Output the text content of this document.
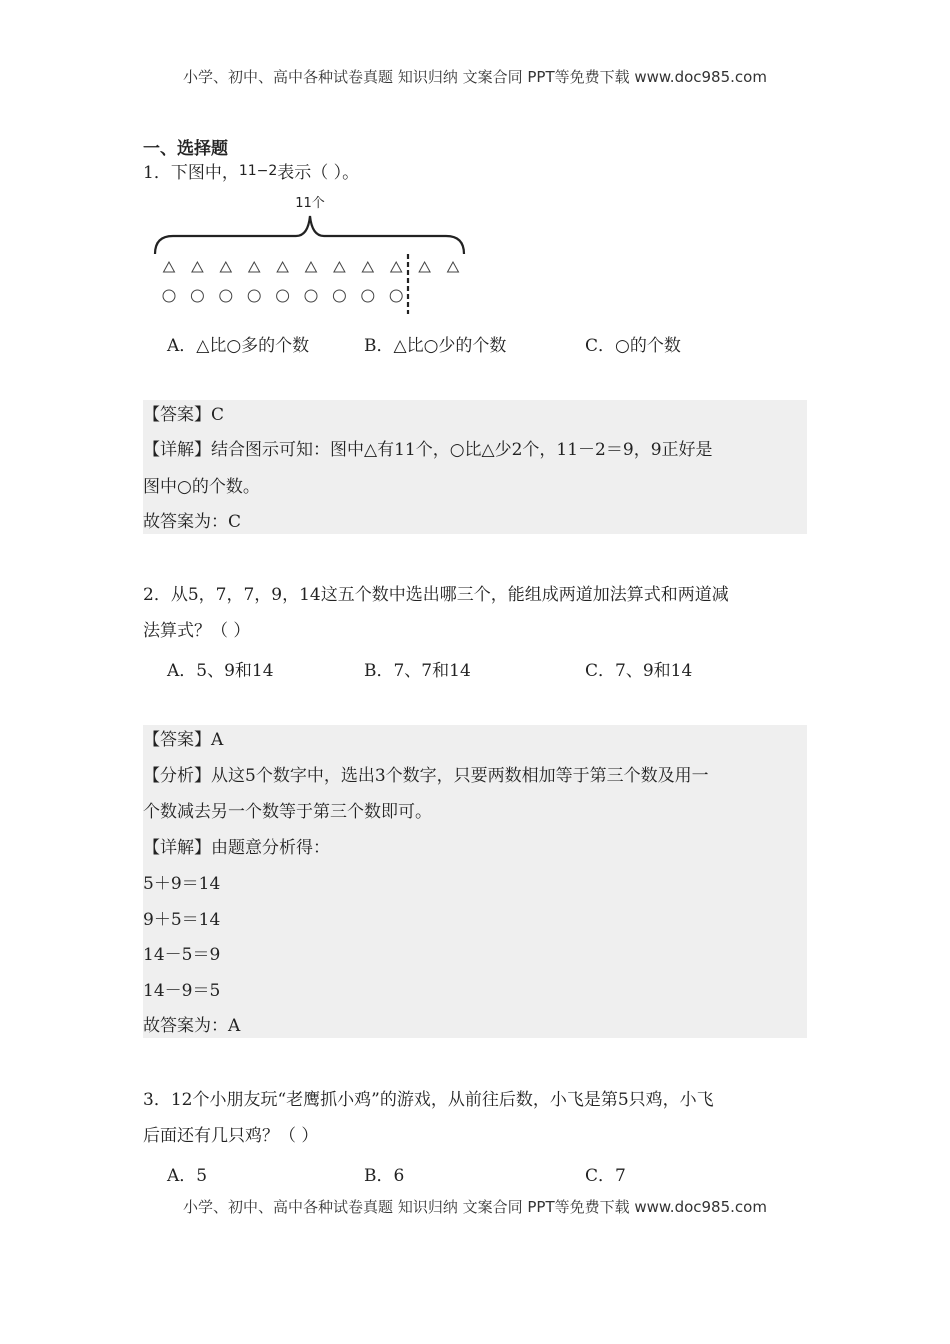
小学、初中、高中各种试卷真题 知识归纳 文案合同 PPT等免费下载 www.doc985.com
一、选择题
1．下图中，11−2表示（ ）。
11个
A．△比○多的个数	B．△比○少的个数	C．○的个数
【答案】C
【详解】结合图示可知：图中△有11个，○比△少2个，11－2＝9，9正好是
图中○的个数。
故答案为：C
2．从5，7，7，9，14这五个数中选出哪三个，能组成两道加法算式和两道减
法算式？（ ）
A．5、9和14	B．7、7和14	C．7、9和14
【答案】A
【分析】从这5个数字中，选出3个数字，只要两数相加等于第三个数及用一
个数减去另一个数等于第三个数即可。
【详解】由题意分析得：
5＋9＝14
9＋5＝14
14－5＝9
14－9＝5
故答案为：A
3．12个小朋友玩“老鹰抓小鸡”的游戏，从前往后数，小飞是第5只鸡，小飞
后面还有几只鸡？（ ）
A．5	B．6	C．7
小学、初中、高中各种试卷真题 知识归纳 文案合同 PPT等免费下载 www.doc985.com
